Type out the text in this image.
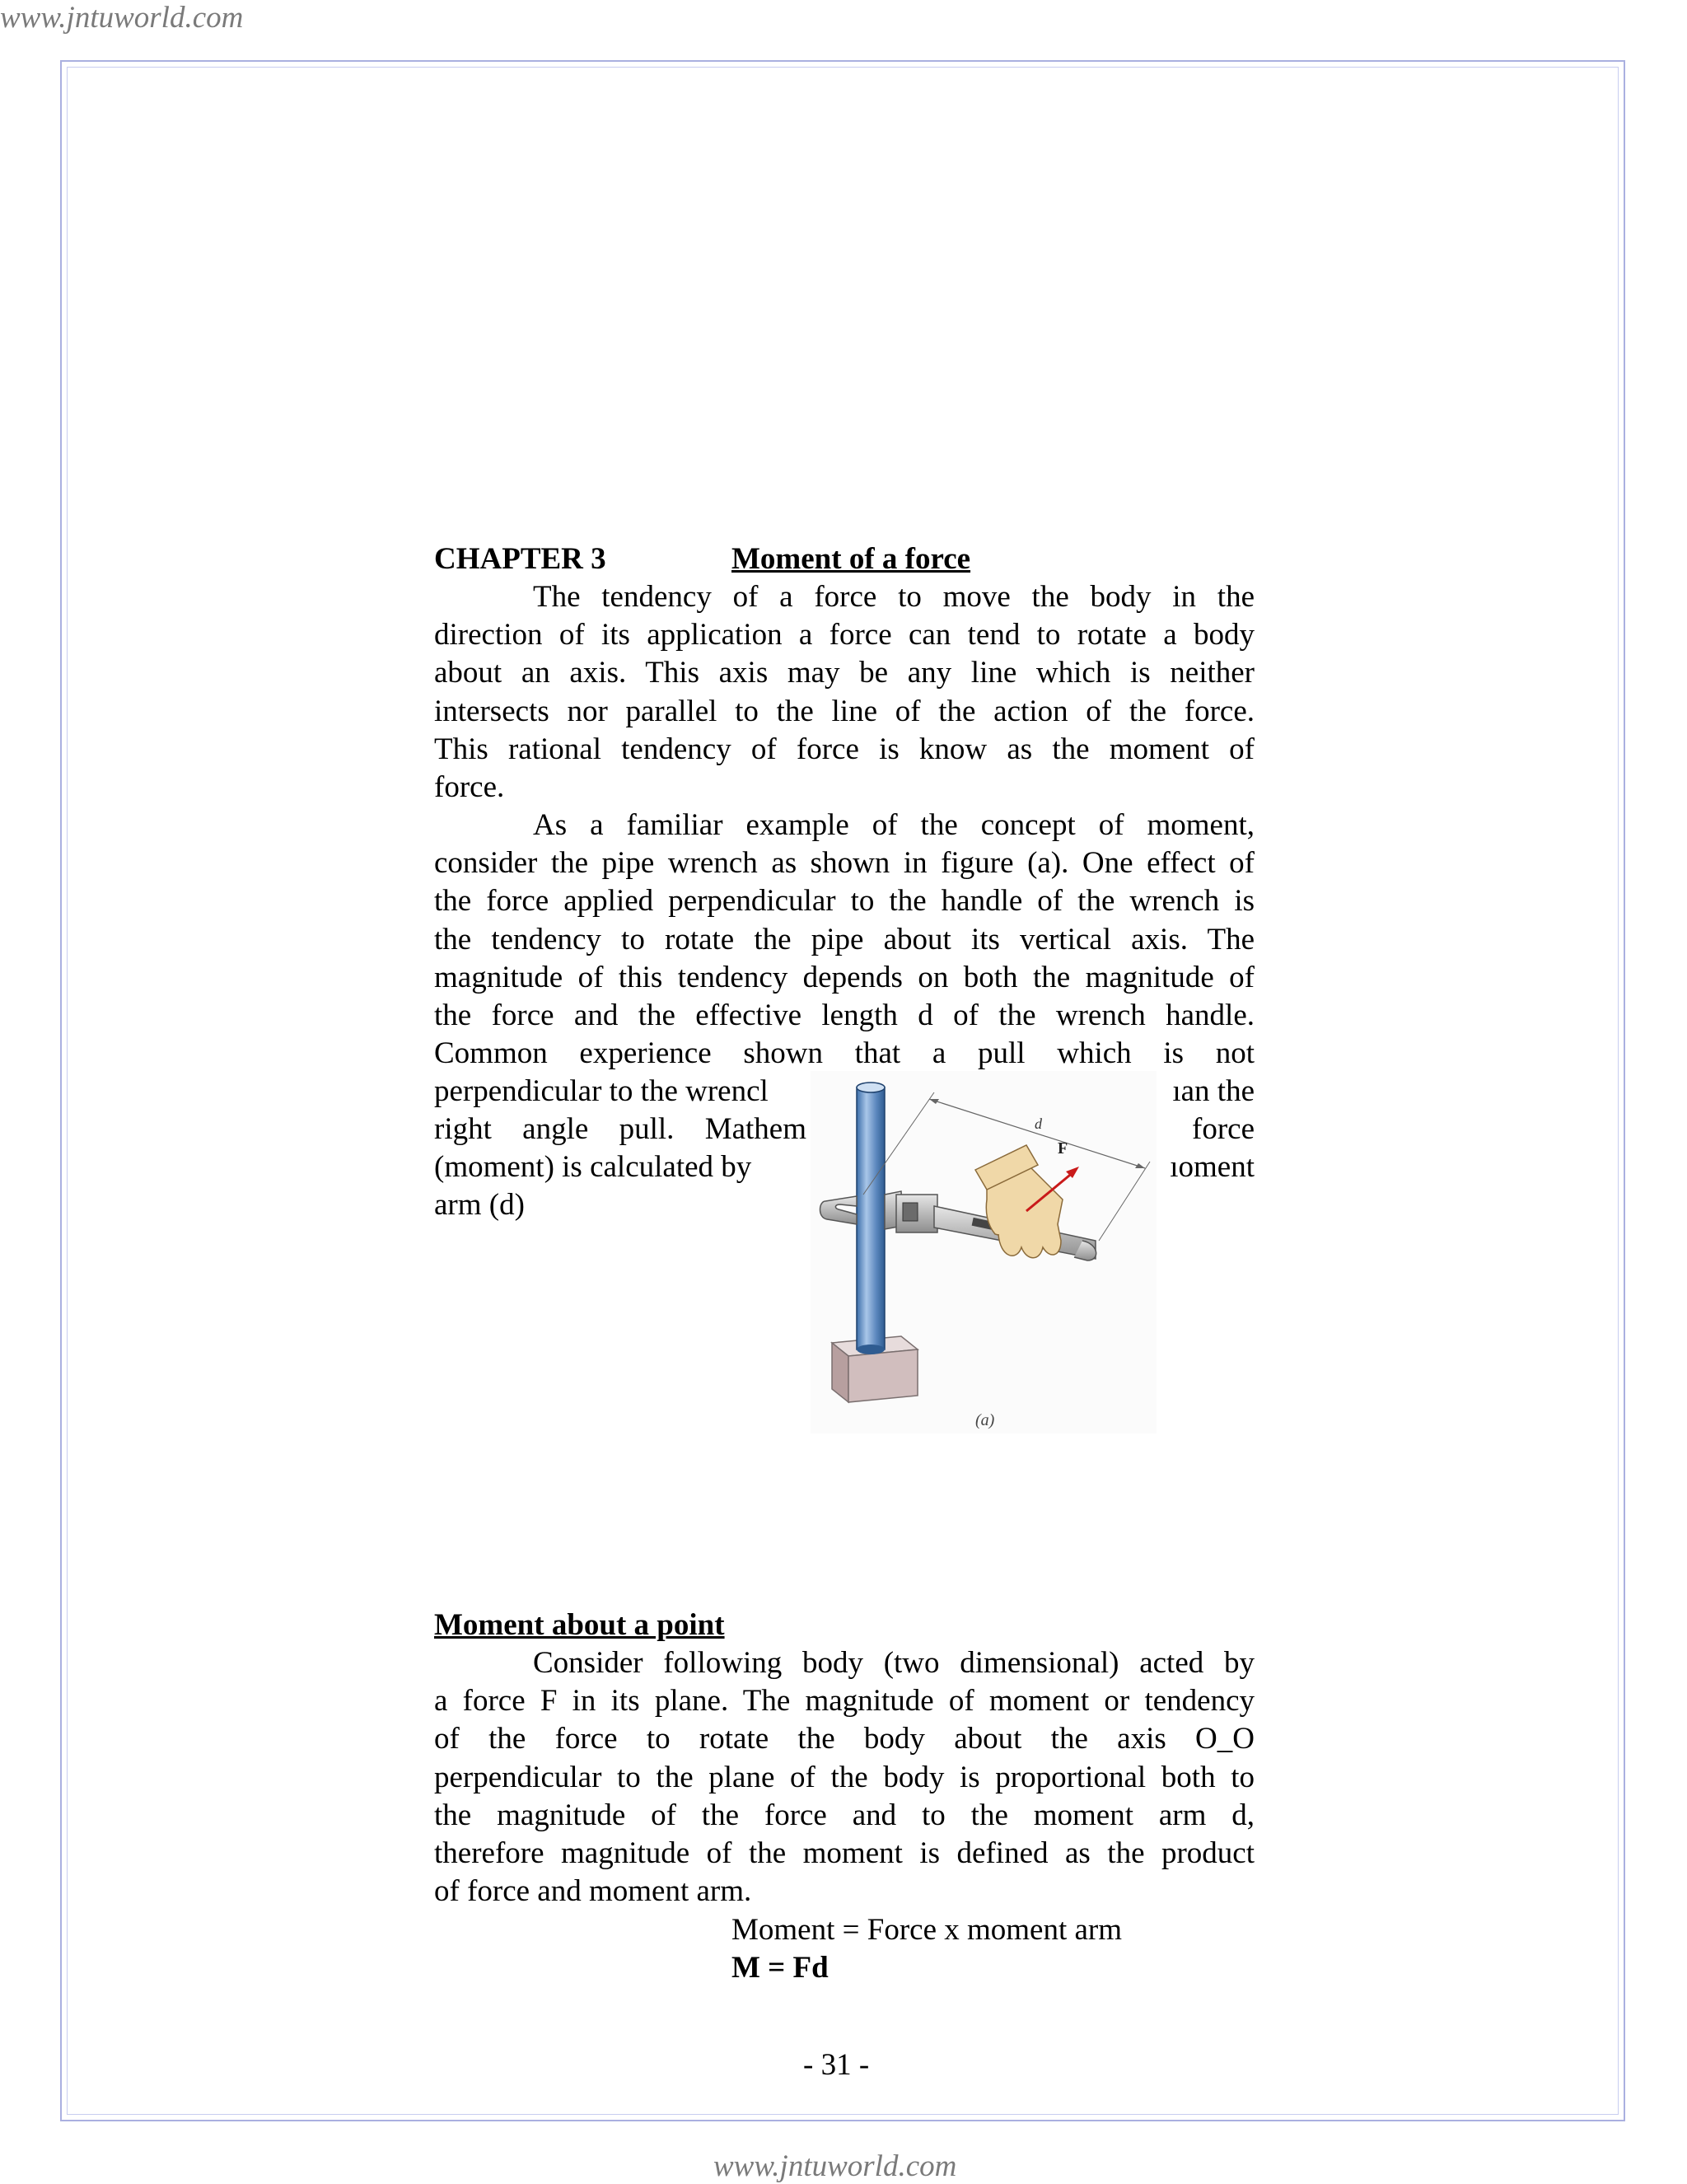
www.jntuworld.com
CHAPTER 3	Moment of a force
The tendency of a force to move the body in the
direction of its application a force can tend to rotate a body
about an axis. This axis may be any line which is neither
intersects nor parallel to the line of the action of the force.
This rational tendency of force is know as the moment of
force.
As a familiar example of the concept of moment,
consider the pipe wrench as shown in figure (a). One effect of
the force applied perpendicular to the handle of the wrench is
the tendency to rotate the pipe about its vertical axis. The
magnitude of this tendency depends on both the magnitude of
the force and the effective length d of the wrench handle.
Common experience shown that a pull which is not
perpendicular to the wrencl	ıan the
right angle pull. Mathem	force
(moment) is calculated by	ıoment
arm (d)
d
F
(a)
Moment about a point
Consider following body (two dimensional) acted by
a force F in its plane. The magnitude of moment or tendency
of the force to rotate the body about the axis O_O
perpendicular to the plane of the body is proportional both to
the magnitude of the force and to the moment arm d,
therefore magnitude of the moment is defined as the product
of force and moment arm.
Moment = Force x moment arm
M = Fd
- 31 -
www.jntuworld.com
